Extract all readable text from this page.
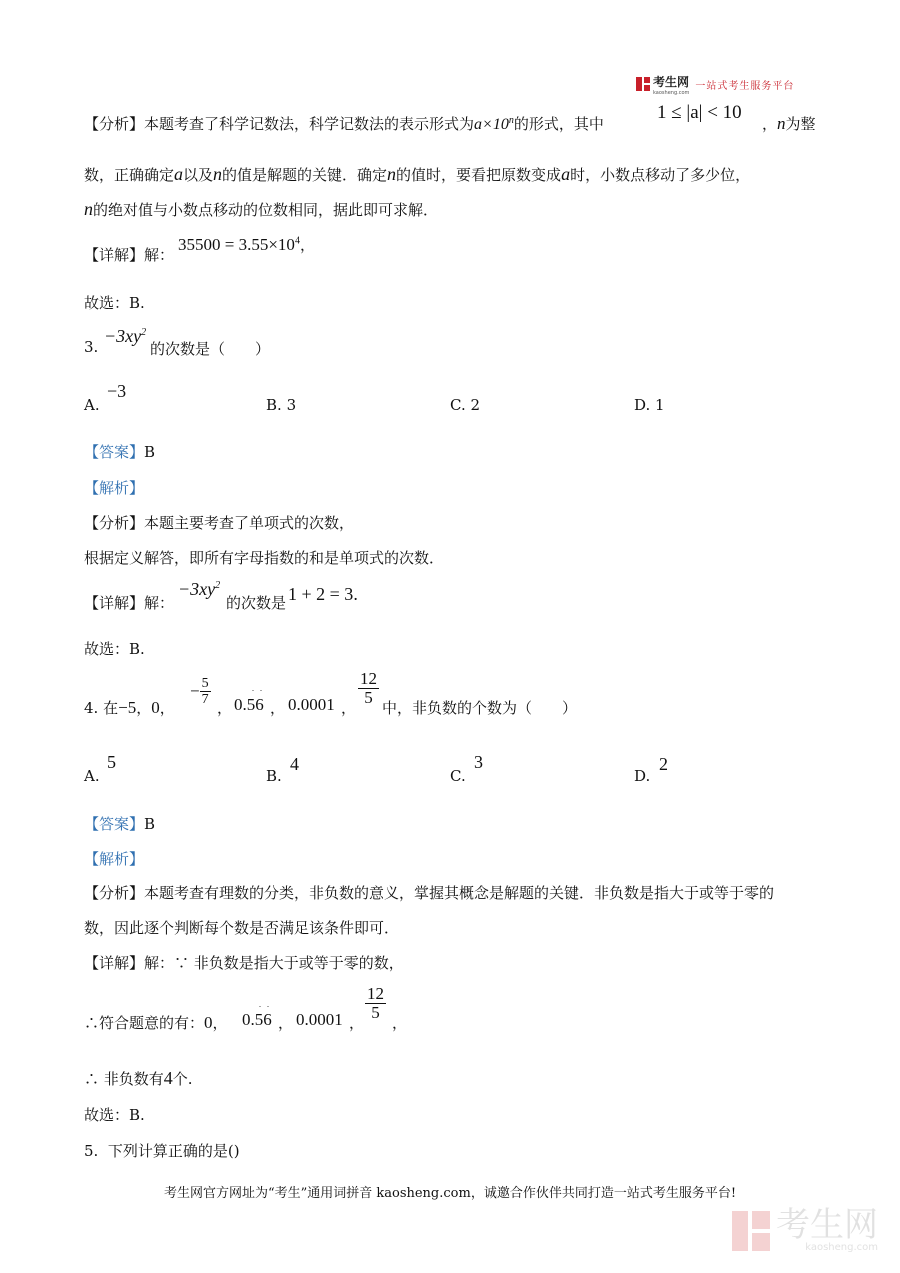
考生网
kaosheng.com
一站式考生服务平台
【分析】本题考查了科学记数法，科学记数法的表示形式为$a\times 10^n$的形式，其中
1 ≤ |a| < 10
，n为整
数，正确确定a以及n的值是解题的关键．确定n的值时，要看把原数变成a时，小数点移动了多少位，
n的绝对值与小数点移动的位数相同，据此即可求解．
【详解】解：
$35500 = 3.55\times 10^4$，
故选：B.
3.
$-3xy^2$
的次数是（　　）
A.
−3
B. 3	C. 2	D. 1
【答案】B
【解析】
【分析】本题主要考查了单项式的次数，
根据定义解答，即所有字母指数的和是单项式的次数．
【详解】解：
$-3xy^2$
的次数是 1 + 2 = 3.
故选：B.
4. 在−5，0，
− $\frac{5}{7}$
，
. .
0.56 ， 0.0001 ，
$\frac{12}{5}$
中，非负数的个数为（　　）
A.
5
B.
4
C.
3
D.
2
【答案】B
【解析】
【分析】本题考查有理数的分类，非负数的意义，掌握其概念是解题的关键．非负数是指大于或等于零的
数，因此逐个判断每个数是否满足该条件即可．
【详解】解：∵ 非负数是指大于或等于零的数，
∴符合题意的有：0，
. .
0.56 ， 0.0001 ，
$\frac{12}{5}$
，
∴ 非负数有4个.
故选：B.
5. 下列计算正确的是()
考生网官方网址为“考生”通用词拼音 kaosheng.com，诚邀合作伙伴共同打造一站式考生服务平台!
考生网
kaosheng.com
